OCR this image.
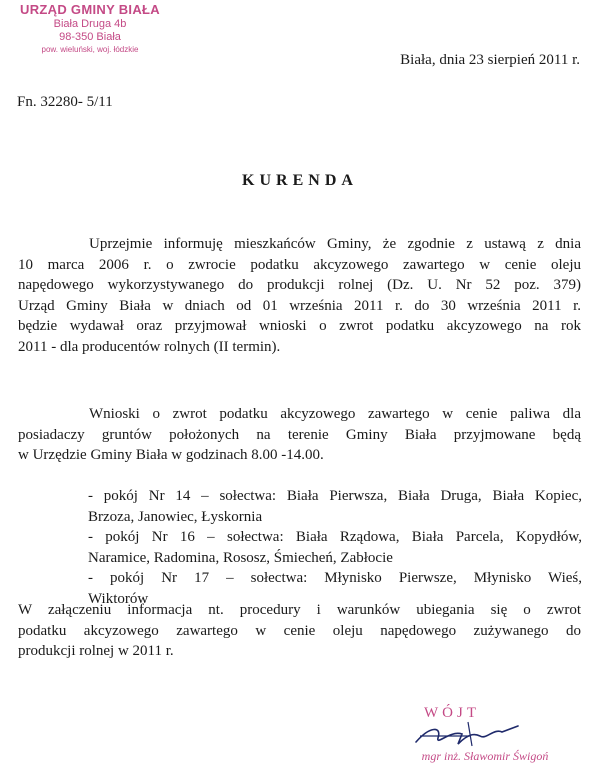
URZĄD GMINY BIAŁA
Biała Druga 4b
98-350 Biała
pow. wieluński, woj. łódzkie
Biała, dnia 23 sierpień 2011 r.
Fn. 32280- 5/11
KURENDA
Uprzejmie informuję mieszkańców Gminy, że zgodnie z ustawą z dnia
10 marca 2006 r. o zwrocie podatku akcyzowego zawartego w cenie oleju
napędowego wykorzystywanego do produkcji rolnej (Dz. U. Nr 52 poz. 379)
Urząd Gminy Biała w dniach od 01 września 2011 r. do 30 września 2011 r.
będzie wydawał oraz przyjmował wnioski o zwrot podatku akcyzowego na rok
2011 - dla producentów rolnych (II termin).
Wnioski o zwrot podatku akcyzowego zawartego w cenie paliwa dla
posiadaczy gruntów położonych na terenie Gminy Biała przyjmowane będą
w Urzędzie Gminy Biała w godzinach 8.00 -14.00.
- pokój Nr 14 – sołectwa: Biała Pierwsza, Biała Druga, Biała Kopiec,
Brzoza, Janowiec, Łyskornia
- pokój Nr 16 – sołectwa: Biała Rządowa, Biała Parcela, Kopydłów,
Naramice, Radomina, Rososz, Śmiecheń, Zabłocie
- pokój Nr 17 – sołectwa: Młynisko Pierwsze, Młynisko Wieś,
Wiktorów
W załączeniu informacja nt. procedury i warunków ubiegania się o zwrot
podatku akcyzowego zawartego w cenie oleju napędowego zużywanego do
produkcji rolnej w 2011 r.
WÓJT
mgr inż. Sławomir Świgoń
